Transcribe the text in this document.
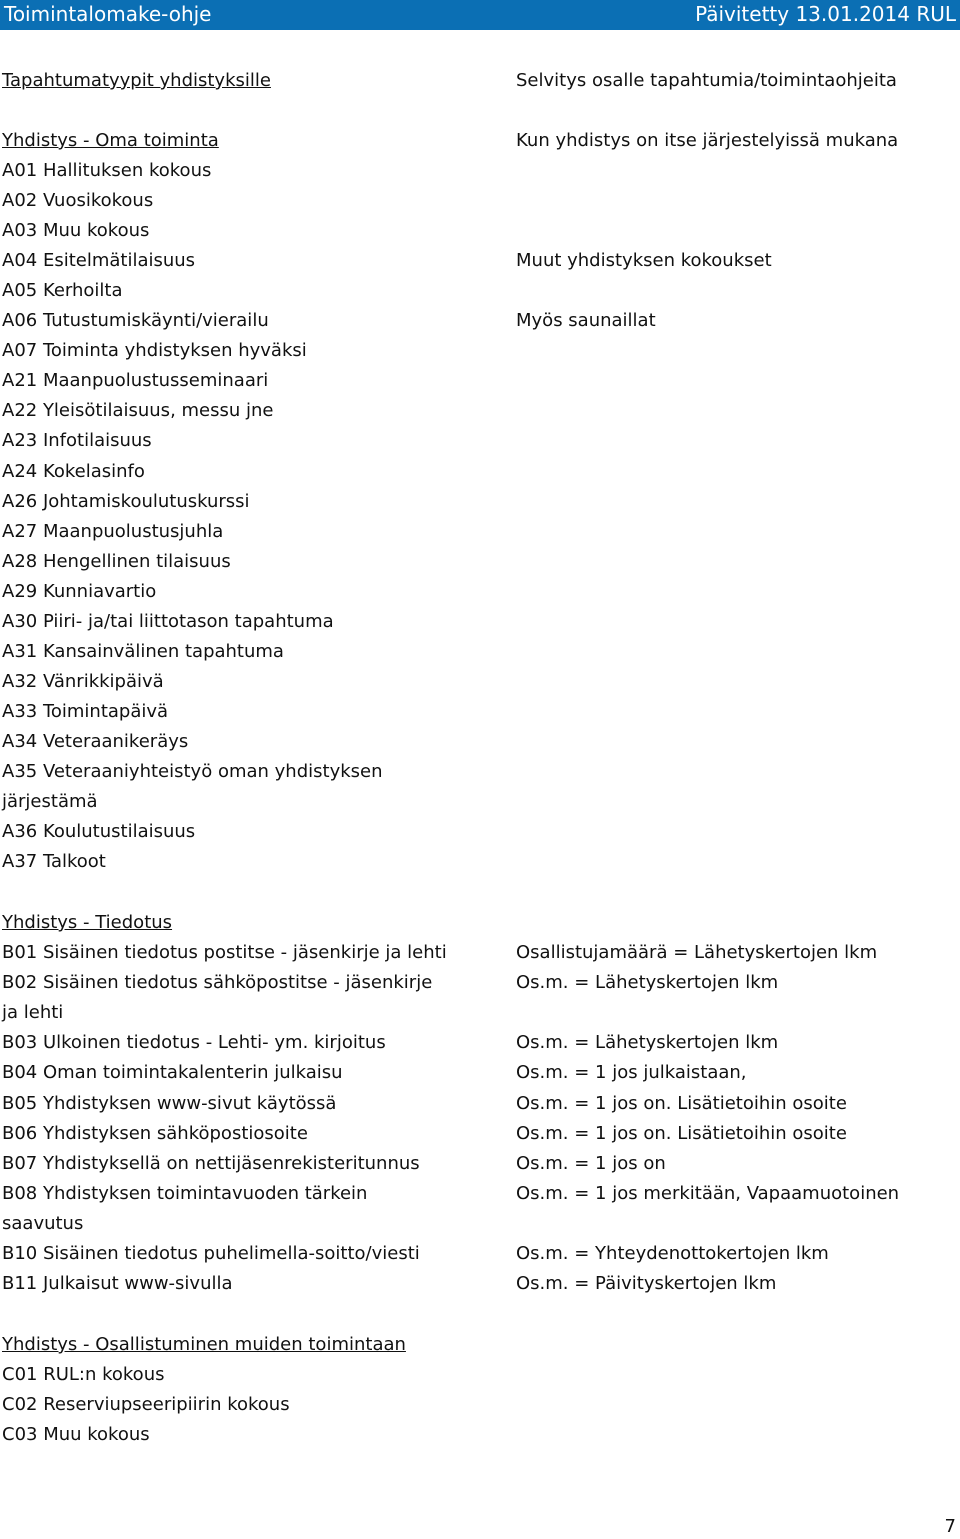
Toimintalomake-ohje	Päivitetty 13.01.2014 RUL
Tapahtumatyypit yhdistyksille	Selvitys osalle tapahtumia/toimintaohjeita
Yhdistys - Oma toiminta	Kun yhdistys on itse järjestelyissä mukana
A01 Hallituksen kokous
A02 Vuosikokous
A03 Muu kokous
A04 Esitelmätilaisuus	Muut yhdistyksen kokoukset
A05 Kerhoilta
A06 Tutustumiskäynti/vierailu	Myös saunaillat
A07 Toiminta yhdistyksen hyväksi
A21 Maanpuolustusseminaari
A22 Yleisötilaisuus, messu jne
A23 Infotilaisuus
A24 Kokelasinfo
A26 Johtamiskoulutuskurssi
A27 Maanpuolustusjuhla
A28 Hengellinen tilaisuus
A29 Kunniavartio
A30 Piiri- ja/tai liittotason tapahtuma
A31 Kansainvälinen tapahtuma
A32 Vänrikkipäivä
A33 Toimintapäivä
A34 Veteraanikeräys
A35 Veteraaniyhteistyö oman yhdistyksen
järjestämä
A36 Koulutustilaisuus
A37 Talkoot
Yhdistys - Tiedotus
B01 Sisäinen tiedotus postitse - jäsenkirje ja lehti	Osallistujamäärä = Lähetyskertojen lkm
B02 Sisäinen tiedotus sähköpostitse - jäsenkirje	Os.m. = Lähetyskertojen lkm
ja lehti
B03 Ulkoinen tiedotus - Lehti- ym. kirjoitus	Os.m. = Lähetyskertojen lkm
B04 Oman toimintakalenterin julkaisu	Os.m. = 1 jos julkaistaan,
B05 Yhdistyksen www-sivut käytössä	Os.m. = 1 jos on. Lisätietoihin osoite
B06 Yhdistyksen sähköpostiosoite	Os.m. = 1 jos on. Lisätietoihin osoite
B07 Yhdistyksellä on nettijäsenrekisteritunnus	Os.m. = 1 jos on
B08 Yhdistyksen toimintavuoden tärkein	Os.m. = 1 jos merkitään, Vapaamuotoinen
saavutus
B10 Sisäinen tiedotus puhelimella-soitto/viesti	Os.m. = Yhteydenottokertojen lkm
B11 Julkaisut www-sivulla	Os.m. = Päivityskertojen lkm
Yhdistys - Osallistuminen muiden toimintaan
C01 RUL:n kokous
C02 Reserviupseeripiirin kokous
C03 Muu kokous
7
